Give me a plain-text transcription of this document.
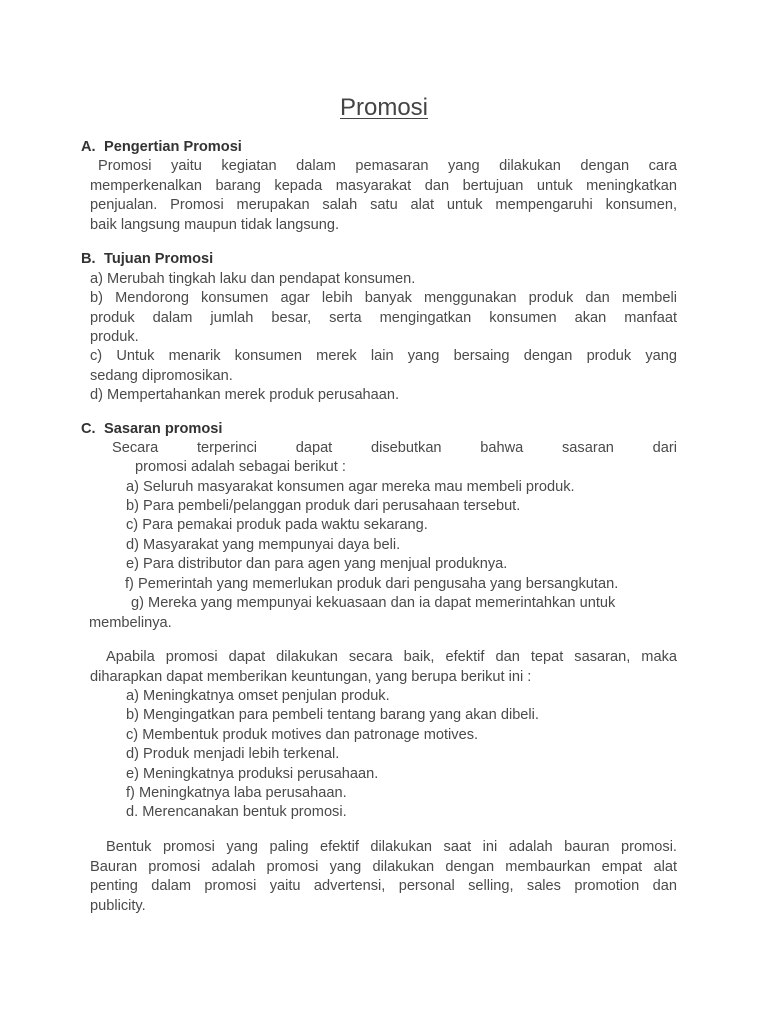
Promosi
A. Pengertian Promosi
Promosi yaitu kegiatan dalam pemasaran yang dilakukan dengan cara
memperkenalkan barang kepada masyarakat dan bertujuan untuk meningkatkan
penjualan. Promosi merupakan salah satu alat untuk mempengaruhi konsumen,
baik langsung maupun tidak langsung.
B. Tujuan Promosi
a) Merubah tingkah laku dan pendapat konsumen.
b) Mendorong konsumen agar lebih banyak menggunakan produk dan membeli
produk dalam jumlah besar, serta mengingatkan konsumen akan manfaat
produk.
c) Untuk menarik konsumen merek lain yang bersaing dengan produk yang
sedang dipromosikan.
d) Mempertahankan merek produk perusahaan.
C. Sasaran promosi
Secara terperinci dapat disebutkan bahwa sasaran dari
promosi adalah sebagai berikut :
a) Seluruh masyarakat konsumen agar mereka mau membeli produk.
b) Para pembeli/pelanggan produk dari perusahaan tersebut.
c) Para pemakai produk pada waktu sekarang.
d) Masyarakat yang mempunyai daya beli.
e) Para distributor dan para agen yang menjual produknya.
f) Pemerintah yang memerlukan produk dari pengusaha yang bersangkutan.
g) Mereka yang mempunyai kekuasaan dan ia dapat memerintahkan untuk
membelinya.
Apabila promosi dapat dilakukan secara baik, efektif dan tepat sasaran, maka
diharapkan dapat memberikan keuntungan, yang berupa berikut ini :
a) Meningkatnya omset penjulan produk.
b) Mengingatkan para pembeli tentang barang yang akan dibeli.
c) Membentuk produk motives dan patronage motives.
d) Produk menjadi lebih terkenal.
e) Meningkatnya produksi perusahaan.
f) Meningkatnya laba perusahaan.
d. Merencanakan bentuk promosi.
Bentuk promosi yang paling efektif dilakukan saat ini adalah bauran promosi.
Bauran promosi adalah promosi yang dilakukan dengan membaurkan empat alat
penting dalam promosi yaitu advertensi, personal selling, sales promotion dan
publicity.
